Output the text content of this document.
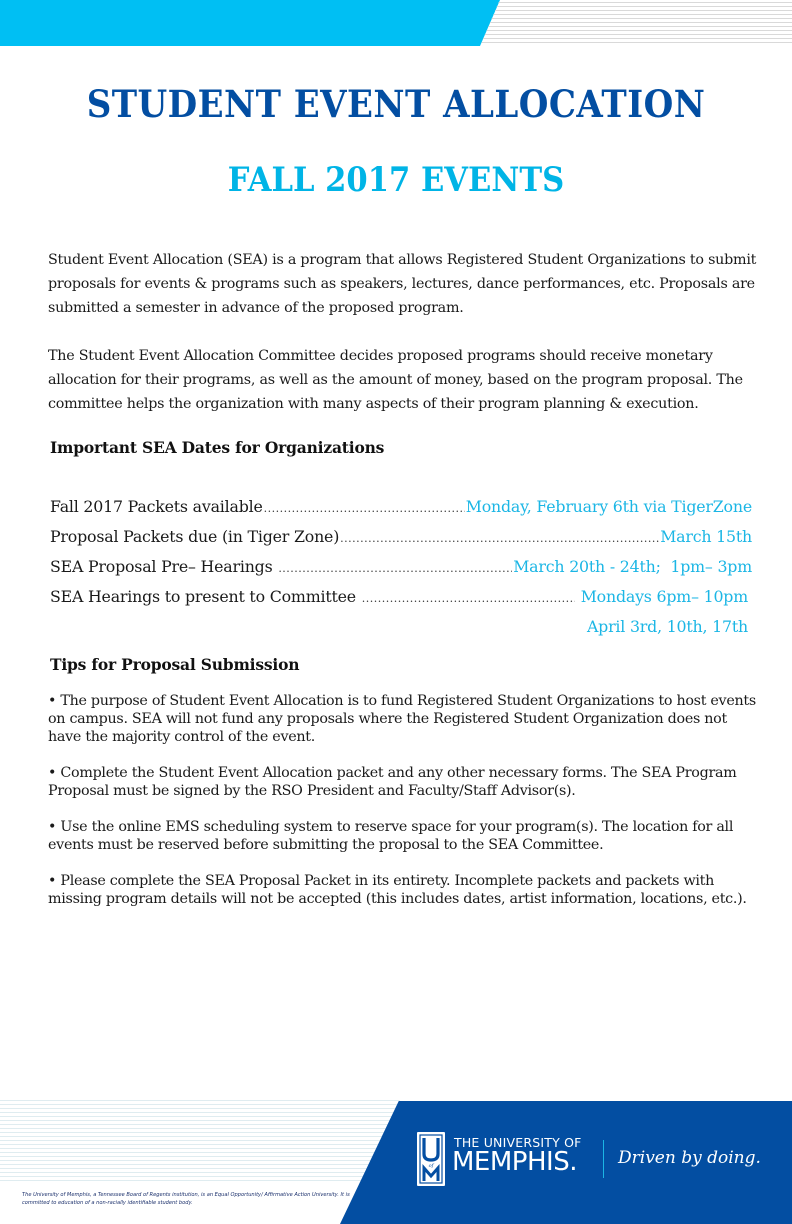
STUDENT EVENT ALLOCATION
FALL 2017 EVENTS

Student Event Allocation (SEA) is a program that allows Registered Student Organizations to submit proposals for events & programs such as speakers, lectures, dance performances, etc. Proposals are submitted a semester in advance of the proposed program.

The Student Event Allocation Committee decides proposed programs should receive monetary allocation for their programs, as well as the amount of money, based on the program proposal. The committee helps the organization with many aspects of their program planning & execution.

Important SEA Dates for Organizations
Fall 2017 Packets available .....	Monday, February 6th via TigerZone
Proposal Packets due (in Tiger Zone) .....	March 15th
SEA Proposal Pre– Hearings .....	March 20th - 24th;  1pm– 3pm
SEA Hearings to present to Committee .....	Mondays 6pm– 10pm
April 3rd, 10th, 17th
Tips for Proposal Submission

• The purpose of Student Event Allocation is to fund Registered Student Organizations to host events on campus. SEA will not fund any proposals where the Registered Student Organization does not have the majority control of the event.

• Complete the Student Event Allocation packet and any other necessary forms. The SEA Program Proposal must be signed by the RSO President and Faculty/Staff Advisor(s).

• Use the online EMS scheduling system to reserve space for your program(s). The location for all events must be reserved before submitting the proposal to the SEA Committee.

• Please complete the SEA Proposal Packet in its entirety. Incomplete packets and packets with missing program details will not be accepted (this includes dates, artist information, locations, etc.).

of
THE UNIVERSITY OF
MEMPHIS. Driven by doing.
The University of Memphis, a Tennessee Board of Regents institution, is an Equal Opportunity/ Affirmative Action University. It is committed to education of a non-racially identifiable student body.
